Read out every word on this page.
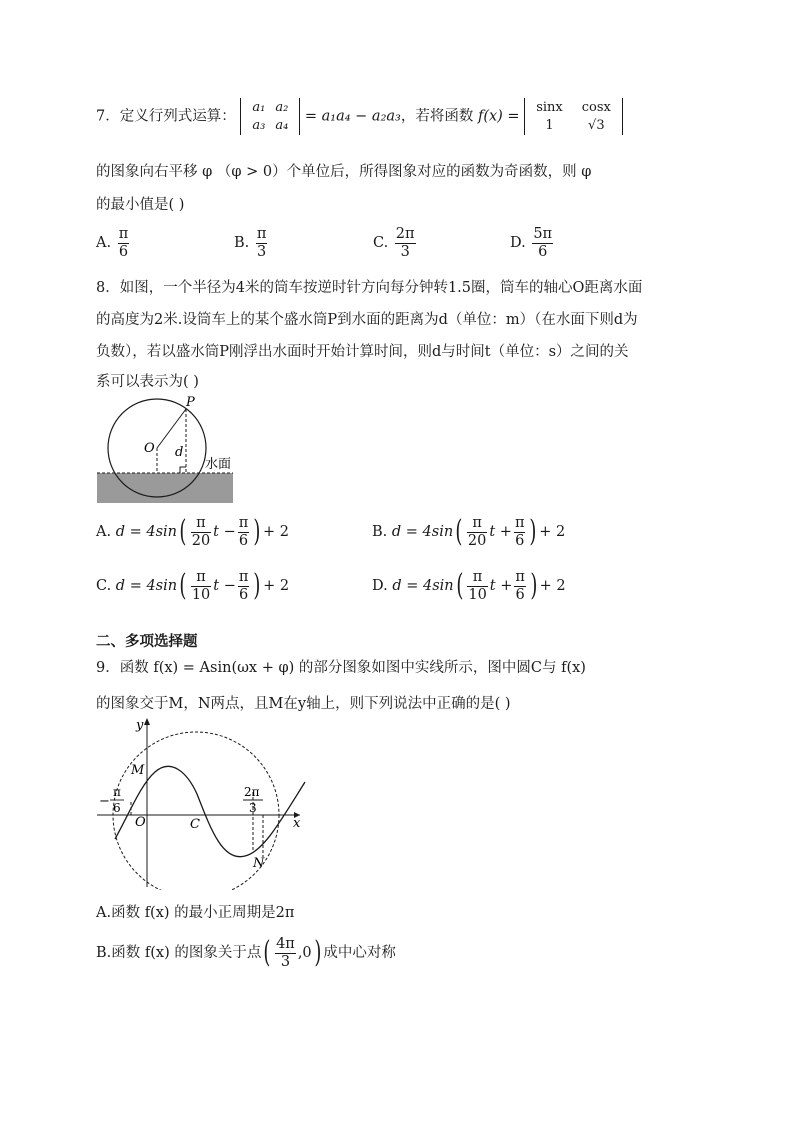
7．定义行列式运算：
a₁	a₂
a₃	a₄
= a₁a₄ − a₂a₃，若将函数 f(x) =
sinx	cosx
1	√3
的图象向右平移 φ （φ > 0）个单位后，所得图象对应的函数为奇函数，则 φ
的最小值是( )
A. $\frac{\pi}{6}$	B. $\frac{\pi}{3}$	C. $\frac{2\pi}{3}$	D. $\frac{5\pi}{6}$
8．如图，一个半径为4米的筒车按逆时针方向每分钟转1.5圈，筒车的轴心O距离水面
的高度为2米.设筒车上的某个盛水筒P到水面的距离为d（单位：m）（在水面下则d为
负数），若以盛水筒P刚浮出水面时开始计算时间，则d与时间t（单位：s）之间的关
系可以表示为( )
P
O d
水面
A. $d = 4\sin( \frac{\pi}{20}$ $t - \frac{\pi}{6}$ ) + 2	B. $d = 4\sin( \frac{\pi}{20}$ $t + \frac{\pi}{6}$ ) + 2
C. $d = 4\sin( \frac{\pi}{10}$ $t - \frac{\pi}{6}$ ) + 2	D. $d = 4\sin( \frac{\pi}{10}$ $t + \frac{\pi}{6}$ ) + 2
二、多项选择题
9．函数 f(x) = Asin(ωx + φ) 的部分图象如图中实线所示，图中圆C与 f(x)
的图象交于M，N两点，且M在y轴上，则下列说法中正确的是( )
y
x
M
O	C
N
−
π
6
2π
3
A.函数 f(x) 的最小正周期是2π
B.函数 f(x) 的图象关于点( $\frac{4\pi}{3} ,0$) 成中心对称
